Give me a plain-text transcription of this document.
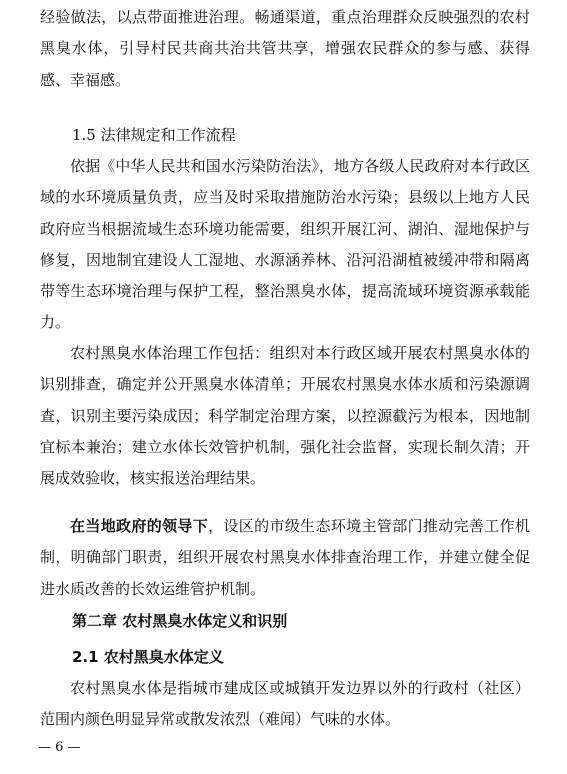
经验做法，以点带面推进治理。畅通渠道，重点治理群众反映强烈的农村黑臭水体，引导村民共商共治共管共享，增强农民群众的参与感、获得感、幸福感。

1.5 法律规定和工作流程

依据《中华人民共和国水污染防治法》，地方各级人民政府对本行政区域的水环境质量负责，应当及时采取措施防治水污染；县级以上地方人民政府应当根据流域生态环境功能需要，组织开展江河、湖泊、湿地保护与修复，因地制宜建设人工湿地、水源涵养林、沿河沿湖植被缓冲带和隔离带等生态环境治理与保护工程，整治黑臭水体，提高流域环境资源承载能力。

农村黑臭水体治理工作包括：组织对本行政区域开展农村黑臭水体的识别排查，确定并公开黑臭水体清单；开展农村黑臭水体水质和污染源调查，识别主要污染成因；科学制定治理方案，以控源截污为根本，因地制宜标本兼治；建立水体长效管护机制，强化社会监督，实现长制久清；开展成效验收，核实报送治理结果。

在当地政府的领导下，设区的市级生态环境主管部门推动完善工作机制，明确部门职责，组织开展农村黑臭水体排查治理工作，并建立健全促进水质改善的长效运维管护机制。

第二章 农村黑臭水体定义和识别

2.1 农村黑臭水体定义

农村黑臭水体是指城市建成区或城镇开发边界以外的行政村（社区）范围内颜色明显异常或散发浓烈（难闻）气味的水体。

— 6 —
